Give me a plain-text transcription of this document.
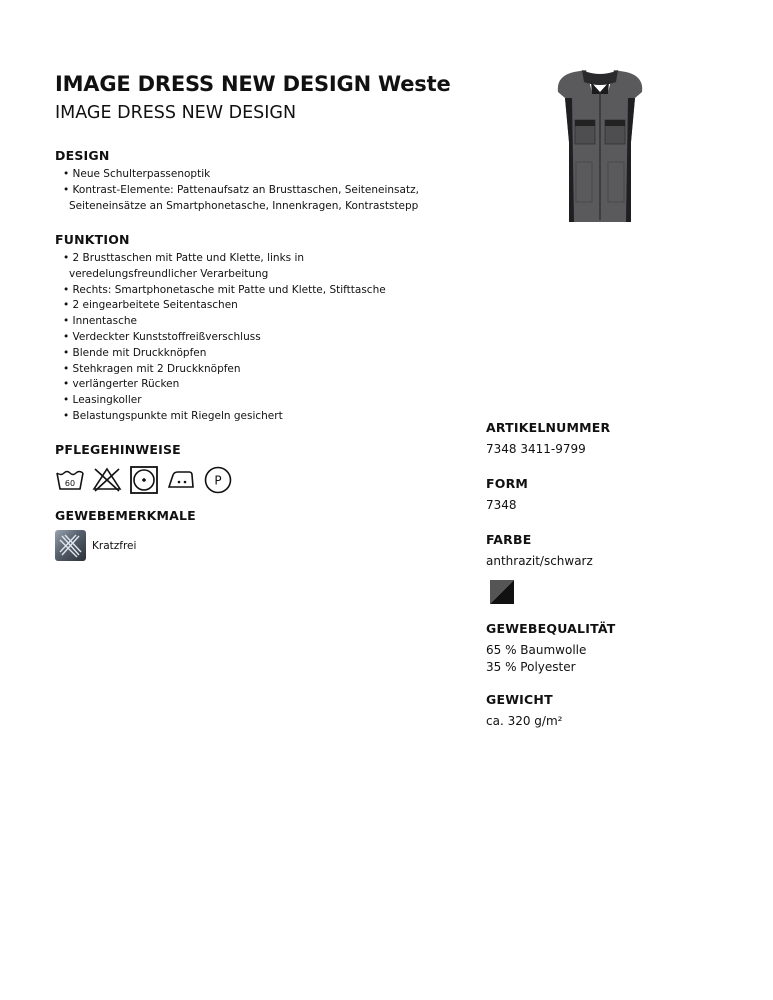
IMAGE DRESS NEW DESIGN Weste
IMAGE DRESS NEW DESIGN
DESIGN
• Neue Schulterpassenoptik
• Kontrast-Elemente: Pattenaufsatz an Brusttaschen, Seiteneinsatz, Seiteneinsätze an Smartphonetasche, Innenkragen, Kontraststepp
FUNKTION
• 2 Brusttaschen mit Patte und Klette, links in veredelungsfreundlicher Verarbeitung
• Rechts: Smartphonetasche mit Patte und Klette, Stifttasche
• 2 eingearbeitete Seitentaschen
• Innentasche
• Verdeckter Kunststoffreißverschluss
• Blende mit Druckknöpfen
• Stehkragen mit 2 Druckknöpfen
• verlängerter Rücken
• Leasingkoller
• Belastungspunkte mit Riegeln gesichert
PFLEGEHINWEISE
60	P
GEWEBEMERKMALE
Kratzfrei
ARTIKELNUMMER
7348 3411-9799
FORM
7348
FARBE
anthrazit/schwarz
GEWEBEQUALITÄT
65 % Baumwolle
35 % Polyester
GEWICHT
ca. 320 g/m²
